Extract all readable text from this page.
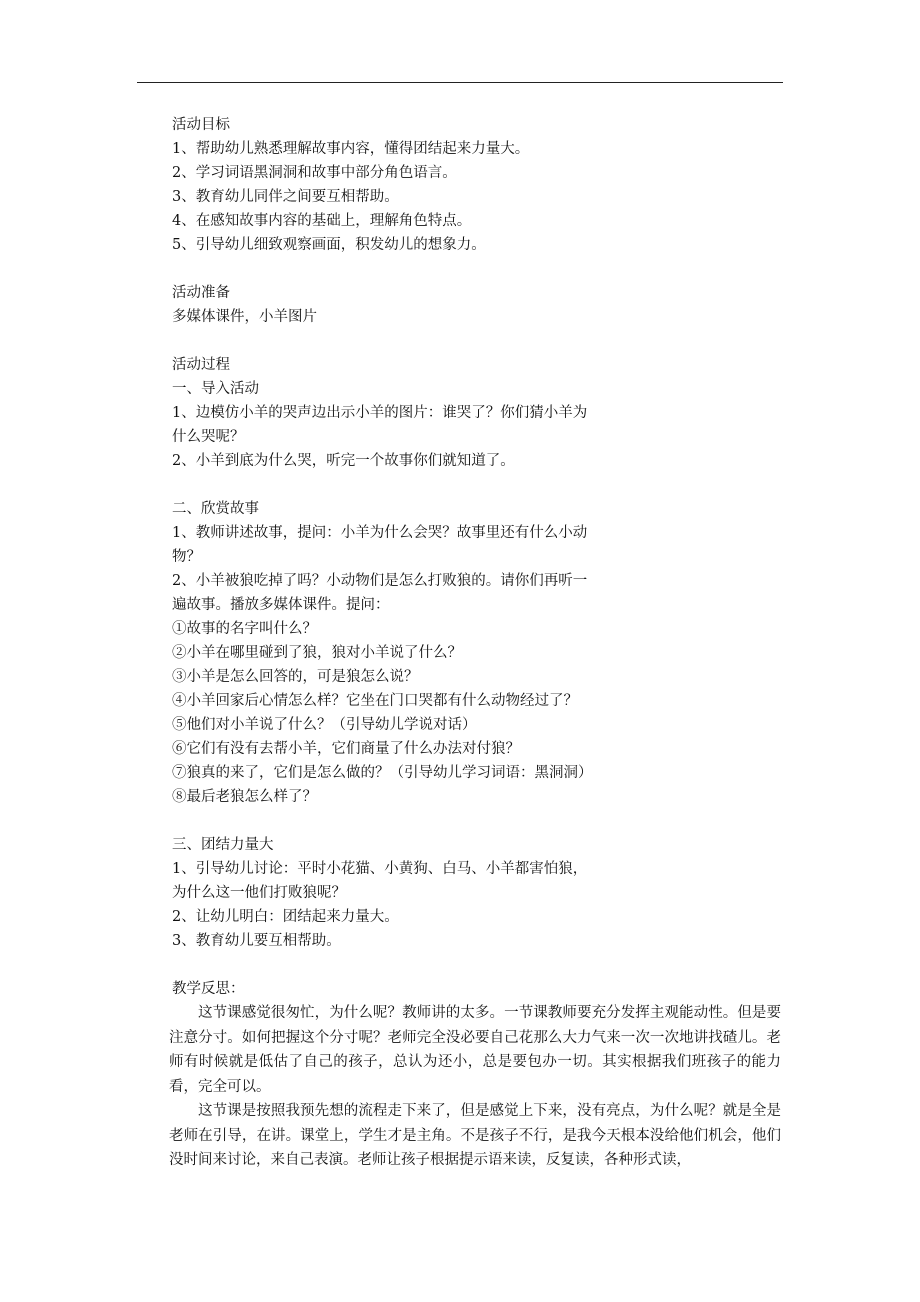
活动目标
1、帮助幼儿熟悉理解故事内容，懂得团结起来力量大。
2、学习词语黑洞洞和故事中部分角色语言。
3、教育幼儿同伴之间要互相帮助。
4、在感知故事内容的基础上，理解角色特点。
5、引导幼儿细致观察画面，积发幼儿的想象力。
活动准备
多媒体课件，小羊图片
活动过程
一、导入活动
1、边模仿小羊的哭声边出示小羊的图片：谁哭了？你们猜小羊为
什么哭呢？
2、小羊到底为什么哭，听完一个故事你们就知道了。
二、欣赏故事
1、教师讲述故事，提问：小羊为什么会哭？故事里还有什么小动
物？
2、小羊被狼吃掉了吗？小动物们是怎么打败狼的。请你们再听一
遍故事。播放多媒体课件。提问：
①故事的名字叫什么？
②小羊在哪里碰到了狼，狼对小羊说了什么？
③小羊是怎么回答的，可是狼怎么说？
④小羊回家后心情怎么样？它坐在门口哭都有什么动物经过了？
⑤他们对小羊说了什么？（引导幼儿学说对话）
⑥它们有没有去帮小羊，它们商量了什么办法对付狼？
⑦狼真的来了，它们是怎么做的？（引导幼儿学习词语：黑洞洞）
⑧最后老狼怎么样了？
三、团结力量大
1、引导幼儿讨论：平时小花猫、小黄狗、白马、小羊都害怕狼，
为什么这一他们打败狼呢？
2、让幼儿明白：团结起来力量大。
3、教育幼儿要互相帮助。
教学反思：
这节课感觉很匆忙，为什么呢？教师讲的太多。一节课教师要充分发挥主观能动性。但是要注意分寸。如何把握这个分寸呢？老师完全没必要自己花那么大力气来一次一次地讲找碴儿。老师有时候就是低估了自己的孩子，总认为还小，总是要包办一切。其实根据我们班孩子的能力看，完全可以。
这节课是按照我预先想的流程走下来了，但是感觉上下来，没有亮点，为什么呢？就是全是老师在引导，在讲。课堂上，学生才是主角。不是孩子不行，是我今天根本没给他们机会，他们没时间来讨论，来自己表演。老师让孩子根据提示语来读，反复读，各种形式读，
